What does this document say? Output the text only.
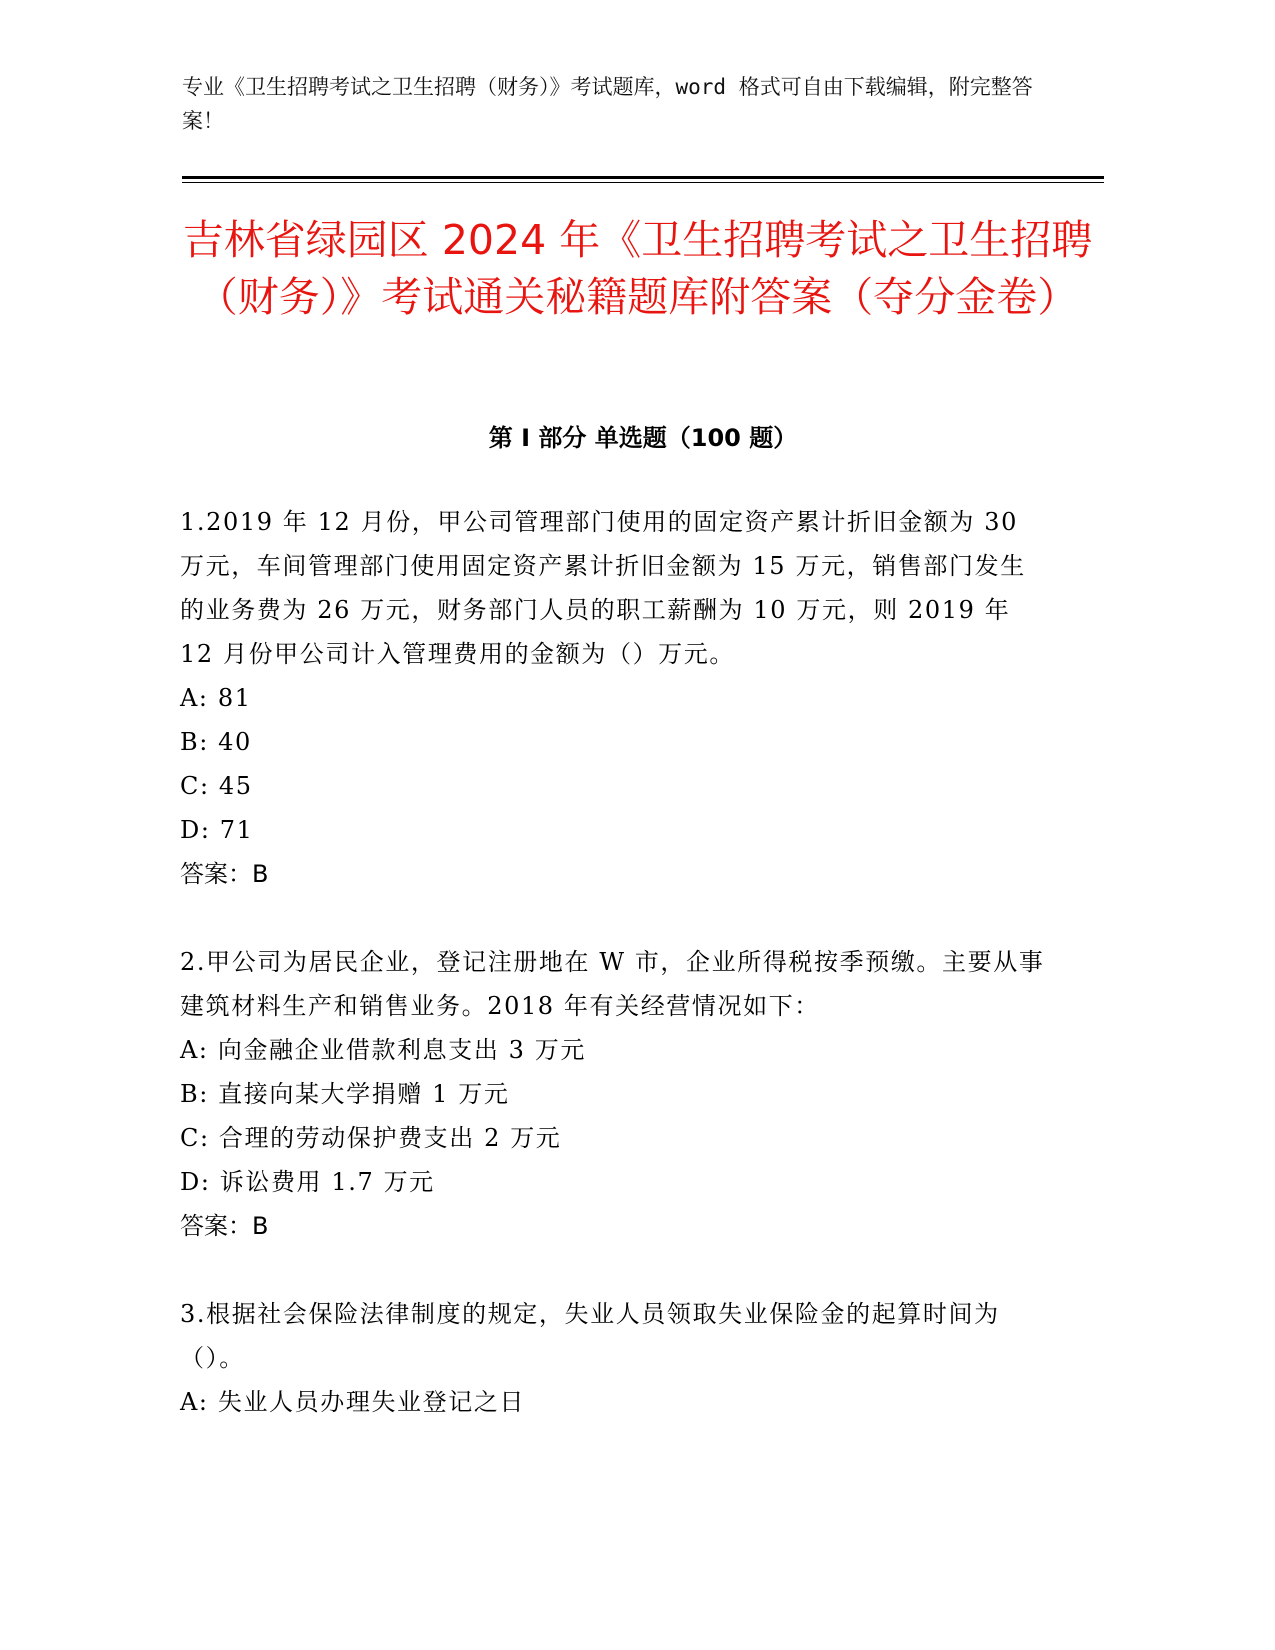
专业《卫生招聘考试之卫生招聘（财务）》考试题库，word 格式可自由下载编辑，附完整答案！
吉林省绿园区 2024 年《卫生招聘考试之卫生招聘（财务）》考试通关秘籍题库附答案（夺分金卷）
第 I 部分 单选题（100 题）

1.2019 年 12 月份，甲公司管理部门使用的固定资产累计折旧金额为 30 万元，车间管理部门使用固定资产累计折旧金额为 15 万元，销售部门发生的业务费为 26 万元，财务部门人员的职工薪酬为 10 万元，则 2019 年 12 月份甲公司计入管理费用的金额为（）万元。

A: 81

B: 40

C: 45

D: 71

答案：B

2.甲公司为居民企业，登记注册地在 W 市，企业所得税按季预缴。主要从事建筑材料生产和销售业务。2018 年有关经营情况如下：

A: 向金融企业借款利息支出 3 万元

B: 直接向某大学捐赠 1 万元

C: 合理的劳动保护费支出 2 万元

D: 诉讼费用 1.7 万元

答案：B

3.根据社会保险法律制度的规定，失业人员领取失业保险金的起算时间为（）。

A: 失业人员办理失业登记之日
